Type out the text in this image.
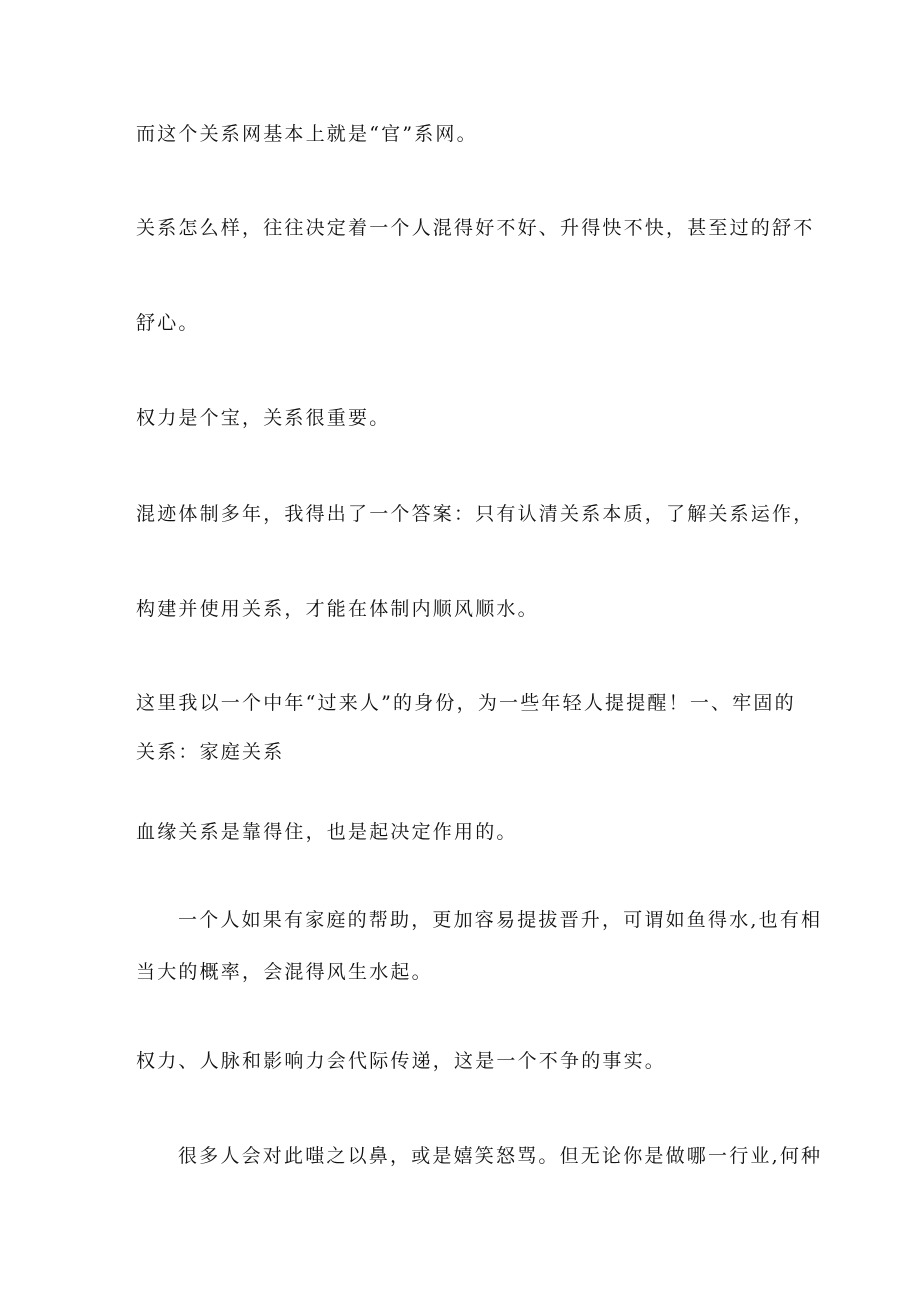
而这个关系网基本上就是“官”系网。
关系怎么样，往往决定着一个人混得好不好、升得快不快，甚至过的舒不
舒心。
权力是个宝，关系很重要。
混迹体制多年，我得出了一个答案：只有认清关系本质，了解关系运作，
构建并使用关系，才能在体制内顺风顺水。
这里我以一个中年“过来人”的身份，为一些年轻人提提醒！一、牢固的
关系：家庭关系
血缘关系是靠得住，也是起决定作用的。
一个人如果有家庭的帮助，更加容易提拔晋升，可谓如鱼得水,也有相
当大的概率，会混得风生水起。
权力、人脉和影响力会代际传递，这是一个不争的事实。
很多人会对此嗤之以鼻，或是嬉笑怒骂。但无论你是做哪一行业,何种
